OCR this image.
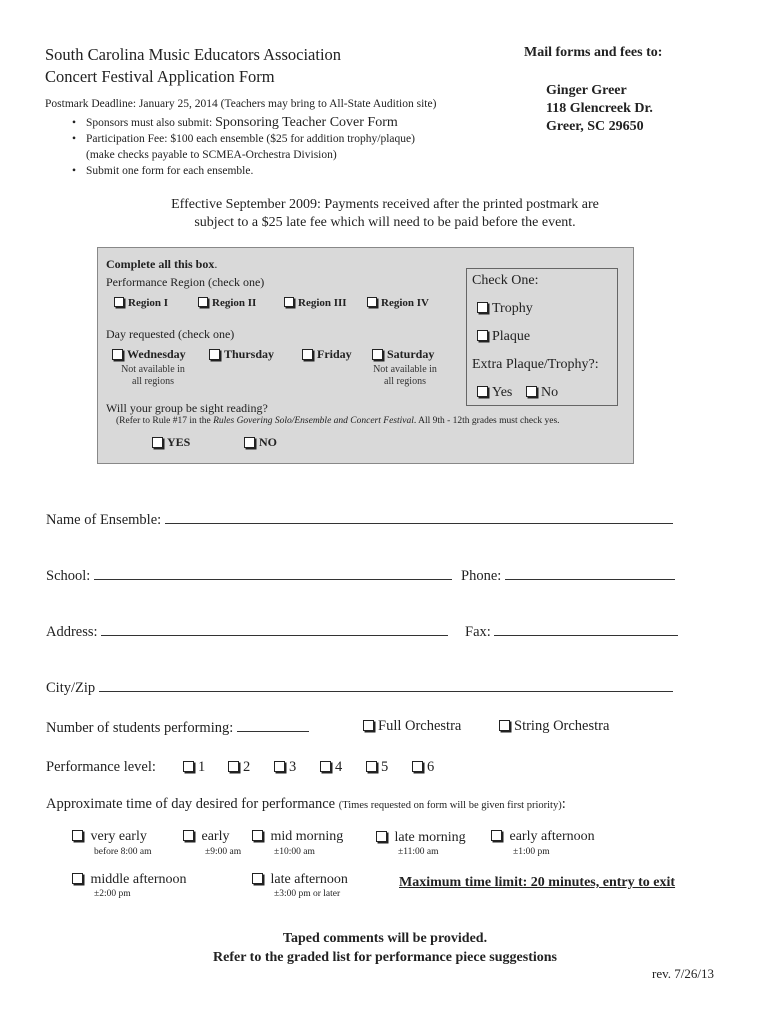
South Carolina Music Educators Association
Concert Festival Application Form
Postmark Deadline: January 25, 2014 (Teachers may bring to All-State Audition site)
• Sponsors must also submit: Sponsoring Teacher Cover Form
• Participation Fee: $100 each ensemble ($25 for addition trophy/plaque)
(make checks payable to SCMEA-Orchestra Division)
• Submit one form for each ensemble.
Mail forms and fees to:
Ginger Greer
118 Glencreek Dr.
Greer, SC 29650
Effective September 2009: Payments received after the printed postmark are
subject to a $25 late fee which will need to be paid before the event.
Complete all this box.
Performance Region (check one)
Region I	Region II	Region III	Region IV
Day requested (check one)
Wednesday
Not available in
all regions
Thursday	Friday	Saturday
Not available in
all regions
Will your group be sight reading?
(Refer to Rule #17 in the Rules Govering Solo/Ensemble and Concert Festival. All 9th - 12th grades must check yes.
YES	NO
Check One:
Trophy
Plaque
Extra Plaque/Trophy?:
Yes	No
Name of Ensemble:
School:	Phone:
Address:	Fax:
City/Zip
Number of students performing:	Full Orchestra	String Orchestra
Performance level:	1	2	3	4	5	6
Approximate time of day desired for performance (Times requested on form will be given first priority):
very early
before 8:00 am
early
±9:00 am
mid morning
±10:00 am
late morning
±11:00 am
early afternoon
±1:00 pm
middle afternoon
±2:00 pm
late afternoon
±3:00 pm or later
Maximum time limit: 20 minutes, entry to exit
Taped comments will be provided.
Refer to the graded list for performance piece suggestions
rev. 7/26/13
